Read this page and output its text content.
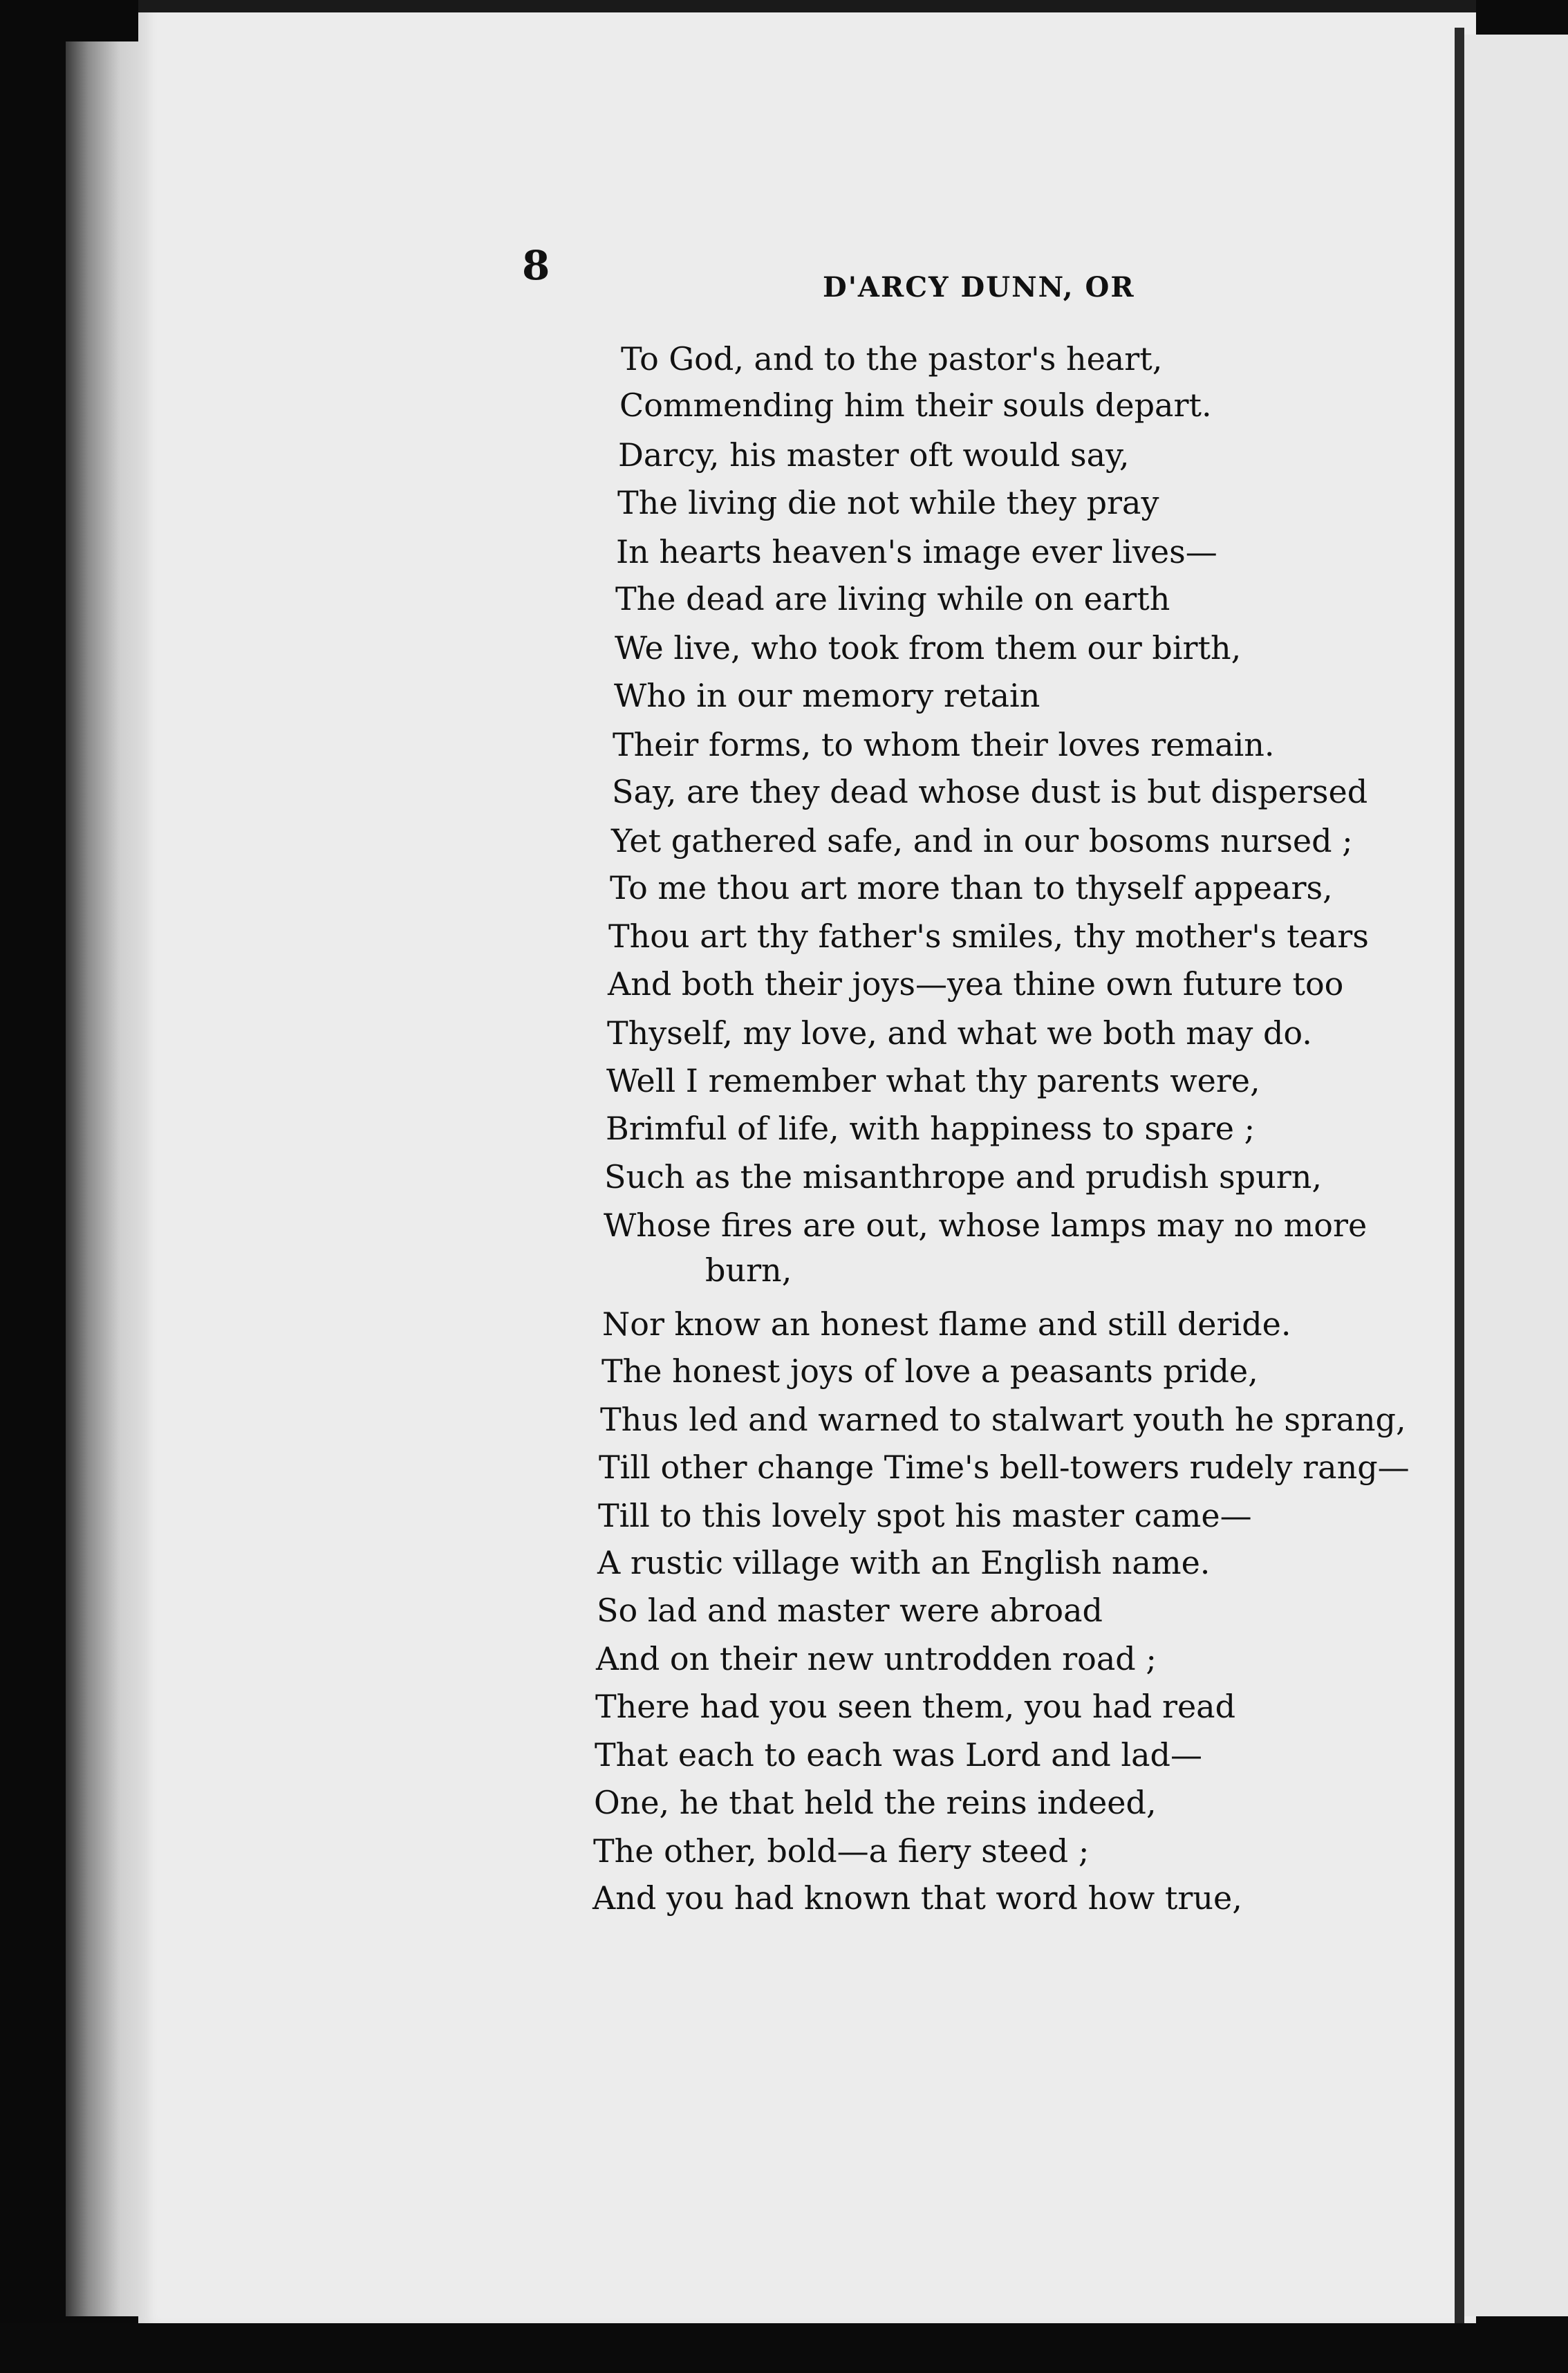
8	D'ARCY DUNN, OR
To God, and to the pastor's heart,
Commending him their souls depart.
Darcy, his master oft would say,
The living die not while they pray
In hearts heaven's image ever lives—
The dead are living while on earth
We live, who took from them our birth,
Who in our memory retain
Their forms, to whom their loves remain.
Say, are they dead whose dust is but dispersed
Yet gathered safe, and in our bosoms nursed ;
To me thou art more than to thyself appears,
Thou art thy father's smiles, thy mother's tears
And both their joys—yea thine own future too
Thyself, my love, and what we both may do.
Well I remember what thy parents were,
Brimful of life, with happiness to spare ;
Such as the misanthrope and prudish spurn,
Whose fires are out, whose lamps may no more
burn,
Nor know an honest flame and still deride.
The honest joys of love a peasants pride,
Thus led and warned to stalwart youth he sprang,
Till other change Time's bell-towers rudely rang—
Till to this lovely spot his master came—
A rustic village with an English name.
So lad and master were abroad
And on their new untrodden road ;
There had you seen them, you had read
That each to each was Lord and lad—
One, he that held the reins indeed,
The other, bold—a fiery steed ;
And you had known that word how true,
